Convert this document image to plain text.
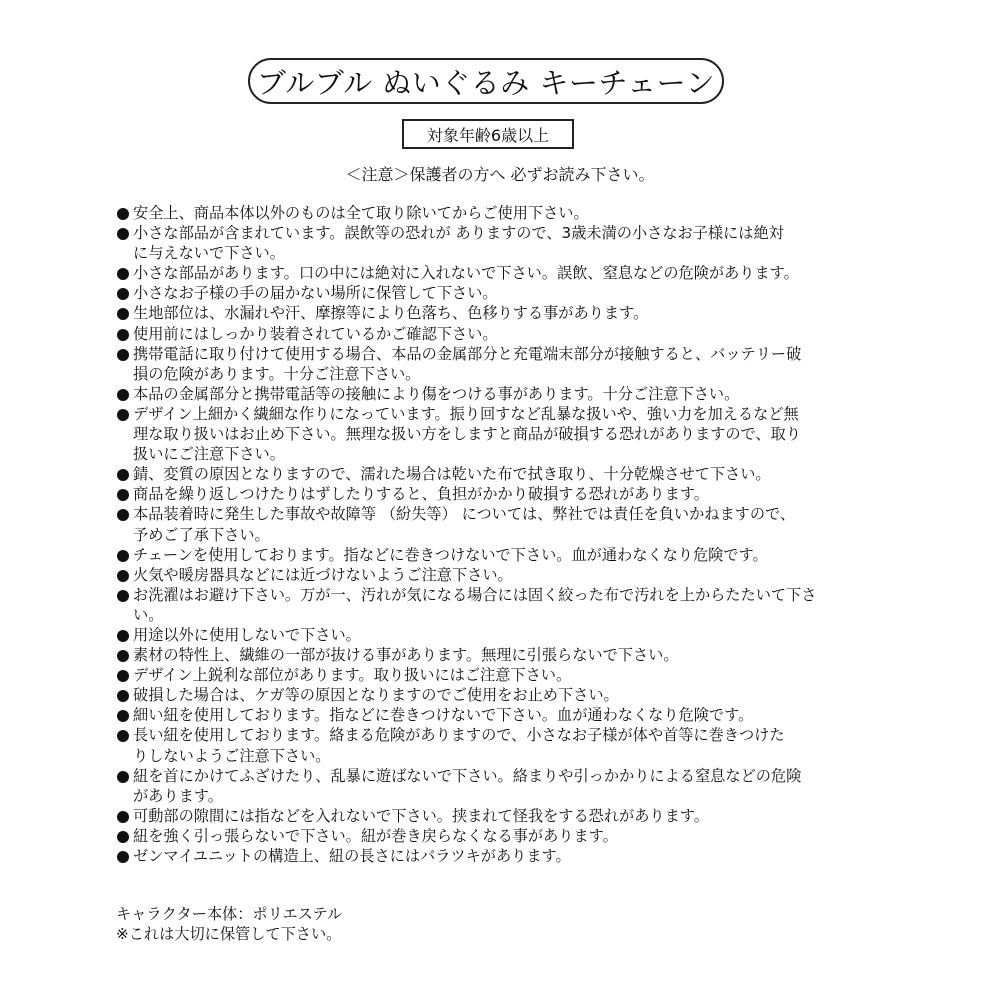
ブルブル ぬいぐるみ キーチェーン
対象年齢6歳以上
＜注意＞保護者の方へ 必ずお読み下さい。
安全上、商品本体以外のものは全て取り除いてからご使用下さい。
小さな部品が含まれています。誤飲等の恐れが ありますので、3歳未満の小さなお子様には絶対
に与えないで下さい。
小さな部品があります。口の中には絶対に入れないで下さい。誤飲、窒息などの危険があります。
小さなお子様の手の届かない場所に保管して下さい。
生地部位は、水漏れや汗、摩擦等により色落ち、色移りする事があります。
使用前にはしっかり装着されているかご確認下さい。
携帯電話に取り付けて使用する場合、本品の金属部分と充電端末部分が接触すると、バッテリー破
損の危険があります。十分ご注意下さい。
本品の金属部分と携帯電話等の接触により傷をつける事があります。十分ご注意下さい。
デザイン上細かく繊細な作りになっています。振り回すなど乱暴な扱いや、強い力を加えるなど無
理な取り扱いはお止め下さい。無理な扱い方をしますと商品が破損する恐れがありますので、取り
扱いにご注意下さい。
錆、変質の原因となりますので、濡れた場合は乾いた布で拭き取り、十分乾燥させて下さい。
商品を繰り返しつけたりはずしたりすると、負担がかかり破損する恐れがあります。
本品装着時に発生した事故や故障等 （紛失等） については、弊社では責任を負いかねますので、
予めご了承下さい。
チェーンを使用しております。指などに巻きつけないで下さい。血が通わなくなり危険です。
火気や暖房器具などには近づけないようご注意下さい。
お洗濯はお避け下さい。万が一、汚れが気になる場合には固く絞った布で汚れを上からたたいて下さ
い。
用途以外に使用しないで下さい。
素材の特性上、繊維の一部が抜ける事があります。無理に引張らないで下さい。
デザイン上鋭利な部位があります。取り扱いにはご注意下さい。
破損した場合は、ケガ等の原因となりますのでご使用をお止め下さい。
細い紐を使用しております。指などに巻きつけないで下さい。血が通わなくなり危険です。
長い紐を使用しております。絡まる危険がありますので、小さなお子様が体や首等に巻きつけた
りしないようご注意下さい。
紐を首にかけてふざけたり、乱暴に遊ばないで下さい。絡まりや引っかかりによる窒息などの危険
があります。
可動部の隙間には指などを入れないで下さい。挟まれて怪我をする恐れがあります。
紐を強く引っ張らないで下さい。紐が巻き戻らなくなる事があります。
ゼンマイユニットの構造上、紐の長さにはバラツキがあります。
キャラクター本体：ポリエステル
※これは大切に保管して下さい。
